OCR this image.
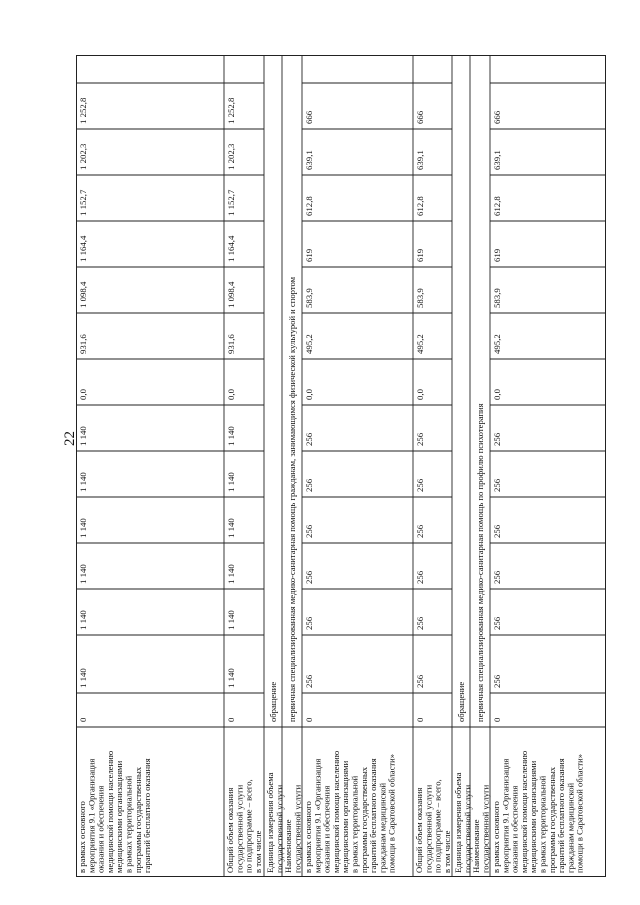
22
в рамках основного мероприятия 9.1 «Организация оказания и обеспечения медицинской помощи населению медицинскими организациями в рамках территориальной программы государственных гарантий бесплатного оказания гражданам медицинской помощи в Саратовской области»
0
256
256
256
256
256
256
0,0
495,2
583,9
619
612,8
639,1
666
Наименование государственной услуги
первичная специализированная медико-санитарная помощь по профилю психотерапия
Единица измерения объема государственной услуги
обращение
Общий объем оказания государственной услуги по подпрограмме – всего, в том числе
0
256
256
256
256
256
256
0,0
495,2
583,9
619
612,8
639,1
666
в рамках основного мероприятия 9.1 «Организация оказания и обеспечения медицинской помощи населению медицинскими организациями в рамках территориальной программы государственных гарантий бесплатного оказания гражданам медицинской помощи в Саратовской области»
0
256
256
256
256
256
256
0,0
495,2
583,9
619
612,8
639,1
666
Наименование государственной услуги
первичная специализированная медико-санитарная помощь гражданам, занимающимся физической культурой и спортом
Единица измерения объема государственной услуги
обращение
Общий объем оказания государственной услуги по подпрограмме – всего, в том числе
0
1 140
1 140
1 140
1 140
1 140
1 140
0,0
931,6
1 098,4
1 164,4
1 152,7
1 202,3
1 252,8
в рамках основного мероприятия 9.1 «Организация оказания и обеспечения медицинской помощи населению медицинскими организациями в рамках территориальной программы государственных гарантий бесплатного оказания
0
1 140
1 140
1 140
1 140
1 140
1 140
0,0
931,6
1 098,4
1 164,4
1 152,7
1 202,3
1 252,8
